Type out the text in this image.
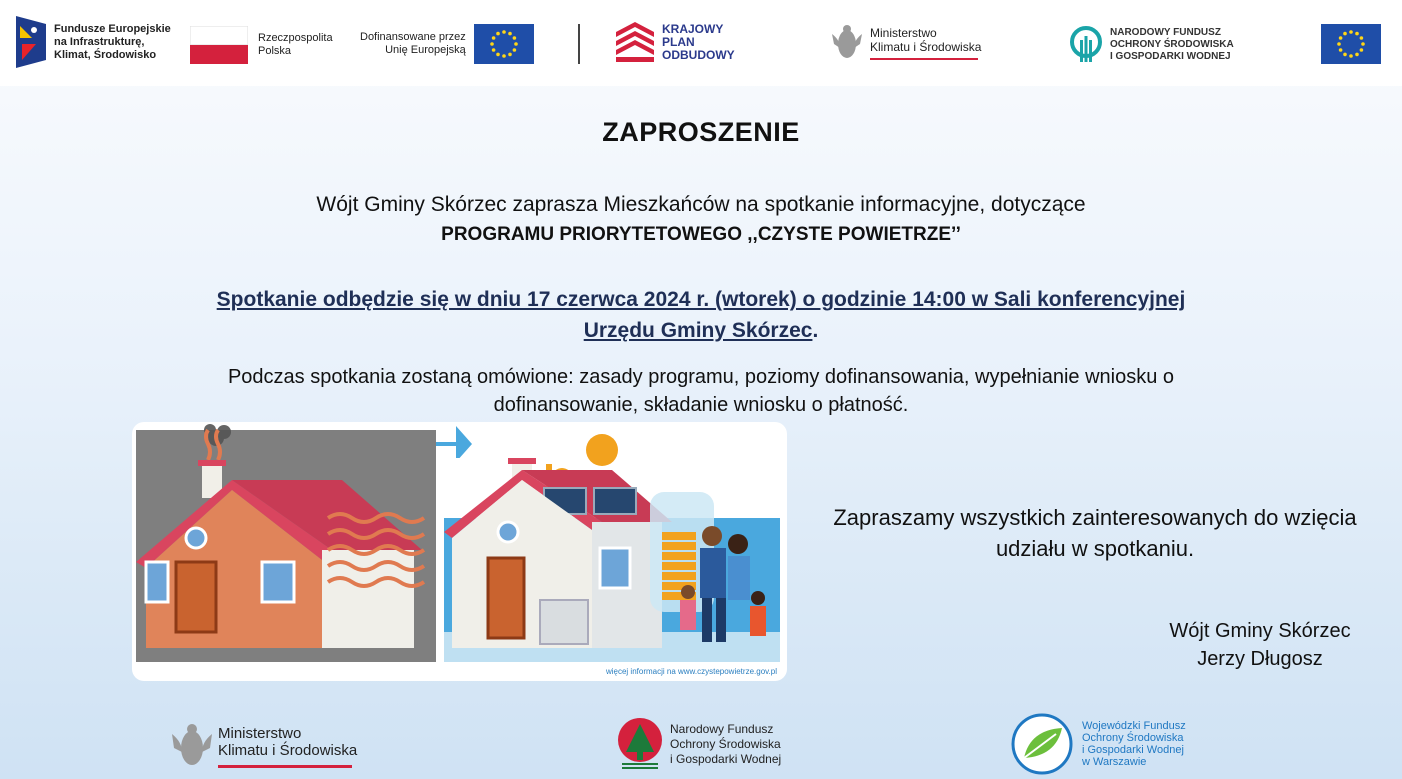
Fundusze Europejskie
na Infrastrukturę,
Klimat, Środowisko
Rzeczpospolita
Polska
Dofinansowane przez
Unię Europejską
KRAJOWY
PLAN
ODBUDOWY
Ministerstwo
Klimatu i Środowiska
NARODOWY FUNDUSZ
OCHRONY ŚRODOWISKA
I GOSPODARKI WODNEJ
ZAPROSZENIE
Wójt Gminy Skórzec zaprasza Mieszkańców na spotkanie informacyjne, dotyczące
PROGRAMU PRIORYTETOWEGO ,,CZYSTE POWIETRZE’’
Spotkanie odbędzie się w dniu 17 czerwca 2024 r. (wtorek) o godzinie 14:00 w Sali konferencyjnej
Urzędu Gminy Skórzec.
Podczas spotkania zostaną omówione: zasady programu, poziomy dofinansowania, wypełnianie wniosku o
dofinansowanie, składanie wniosku o płatność.
więcej informacji na www.czystepowietrze.gov.pl
Zapraszamy wszystkich zainteresowanych do wzięcia
udziału w spotkaniu.
Wójt Gminy Skórzec
Jerzy Długosz
Ministerstwo
Klimatu i Środowiska
Narodowy Fundusz
Ochrony Środowiska
i Gospodarki Wodnej
Wojewódzki Fundusz
Ochrony Środowiska
i Gospodarki Wodnej
w Warszawie
